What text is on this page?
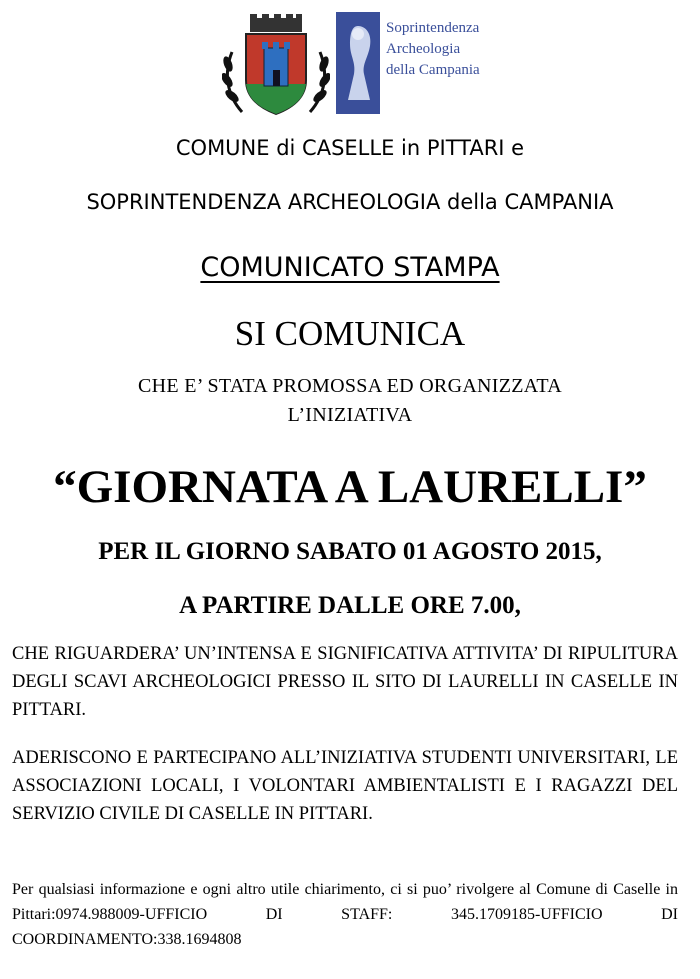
Soprintendenza
Archeologia
della Campania
COMUNE di CASELLE in PITTARI e
SOPRINTENDENZA ARCHEOLOGIA della CAMPANIA
COMUNICATO STAMPA
SI COMUNICA
CHE E’ STATA PROMOSSA ED ORGANIZZATA
L’INIZIATIVA
“GIORNATA A LAURELLI”
PER IL GIORNO SABATO 01 AGOSTO 2015,
A PARTIRE DALLE ORE 7.00,
CHE RIGUARDERA’ UN’INTENSA E SIGNIFICATIVA ATTIVITA’ DI RIPULITURA DEGLI SCAVI ARCHEOLOGICI PRESSO IL SITO DI LAURELLI IN CASELLE IN PITTARI.
ADERISCONO E PARTECIPANO ALL’INIZIATIVA STUDENTI UNIVERSITARI, LE ASSOCIAZIONI LOCALI, I VOLONTARI AMBIENTALISTI E I RAGAZZI DEL SERVIZIO CIVILE DI CASELLE IN PITTARI.
Per qualsiasi informazione e ogni altro utile chiarimento, ci si puo’ rivolgere al Comune di Caselle in Pittari:0974.988009-UFFICIO DI STAFF: 345.1709185-UFFICIO DI COORDINAMENTO:338.1694808
